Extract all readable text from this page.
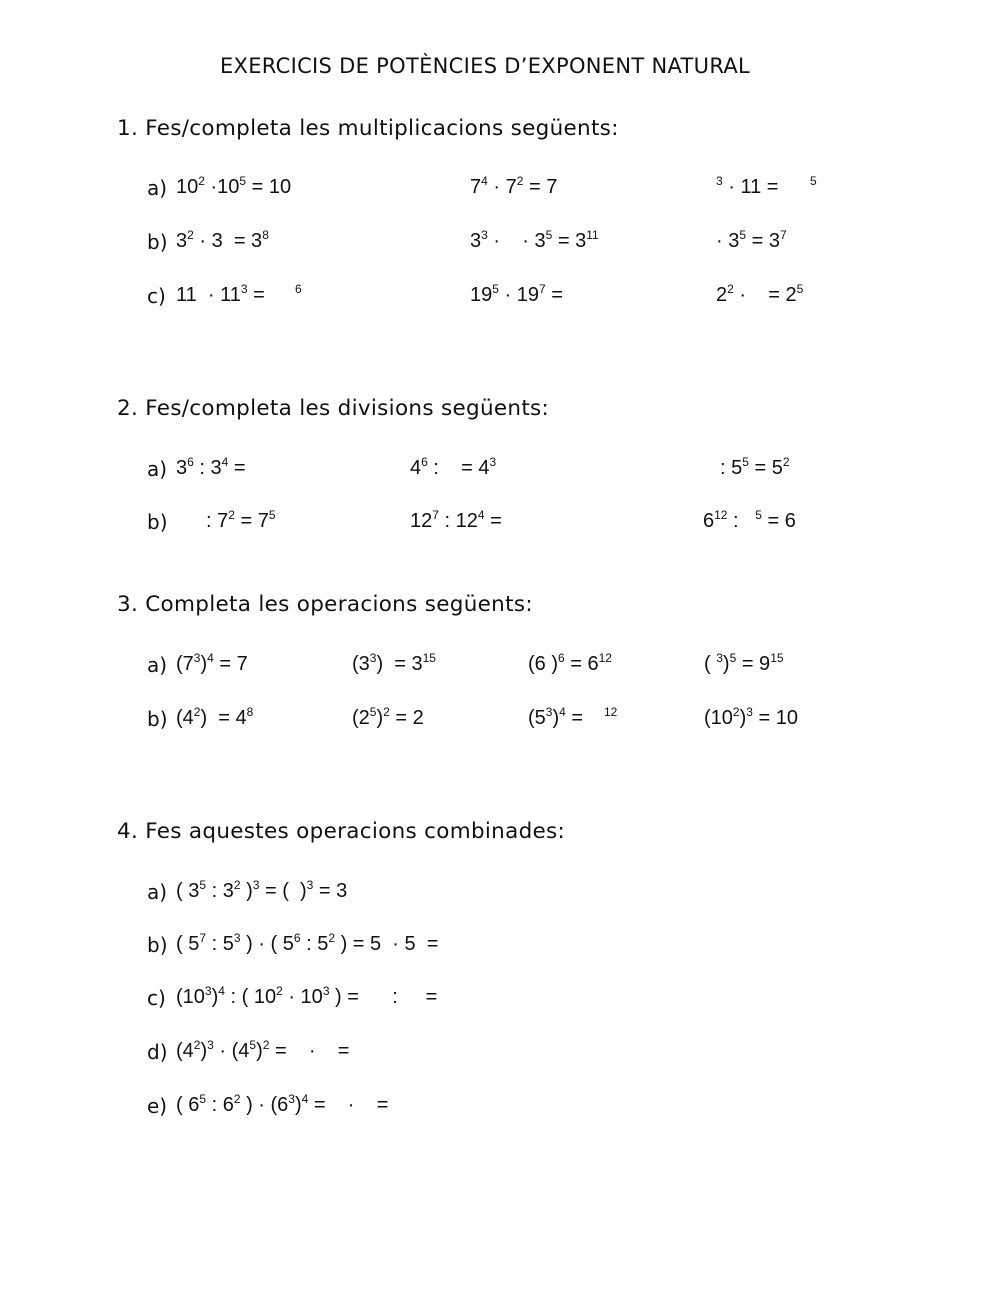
EXERCICIS DE POTÈNCIES D’EXPONENT NATURAL
1. Fes/completa les multiplicacions següents:
a) $10^2 \cdot 10^5 = 10$	$7^4 \cdot 7^2 = 7$	$^3$ · 11 = 5
b) $3^2 \cdot 3 = 3^8$	$3^3$ ·    · $3^5 = 3^{11}$	· $3^5 = 3^7$
c) $11 \cdot 11^3 = 6$	$19^5 \cdot 19^7$ =	$2^2$ ·    = $2^5$
2. Fes/completa les divisions següents:
a) $3^6$ : $3^4$ =	$4^6$ :    = $4^3$	: $5^5 = 5^2$
b) : $7^2 = 7^5$	$12^7$ : $12^4$ =	$6^{12}$ :   $^5$ = 6
3. Completa les operacions següents:
a) $(7^3)^4 = 7$	$(3^3) = 3^{15}$	(6 )$^6 = 6^{12}$	( $^3)^5 = 9^{15}$
b) $(4^2) = 4^8$	$(2^5)^2 = 2$	$(5^3)^4 = 12$	$(10^2)^3 = 10$
4. Fes aquestes operacions combinades:
a) ( $3^5$ : $3^2$ )$^3$ = (  )$^3$ = 3
b) ( $5^7$ : $5^3$ ) · ( $5^6$ : $5^2$ ) = 5  · 5  =
c) $(10^3)^4$ : ( $10^2 \cdot 10^3$ ) =      :     =
d) $(4^2)^3 \cdot (4^5)^2$ =    ·    =
e) ( $6^5$ : $6^2$ ) · $(6^3)^4$ =    ·    =
